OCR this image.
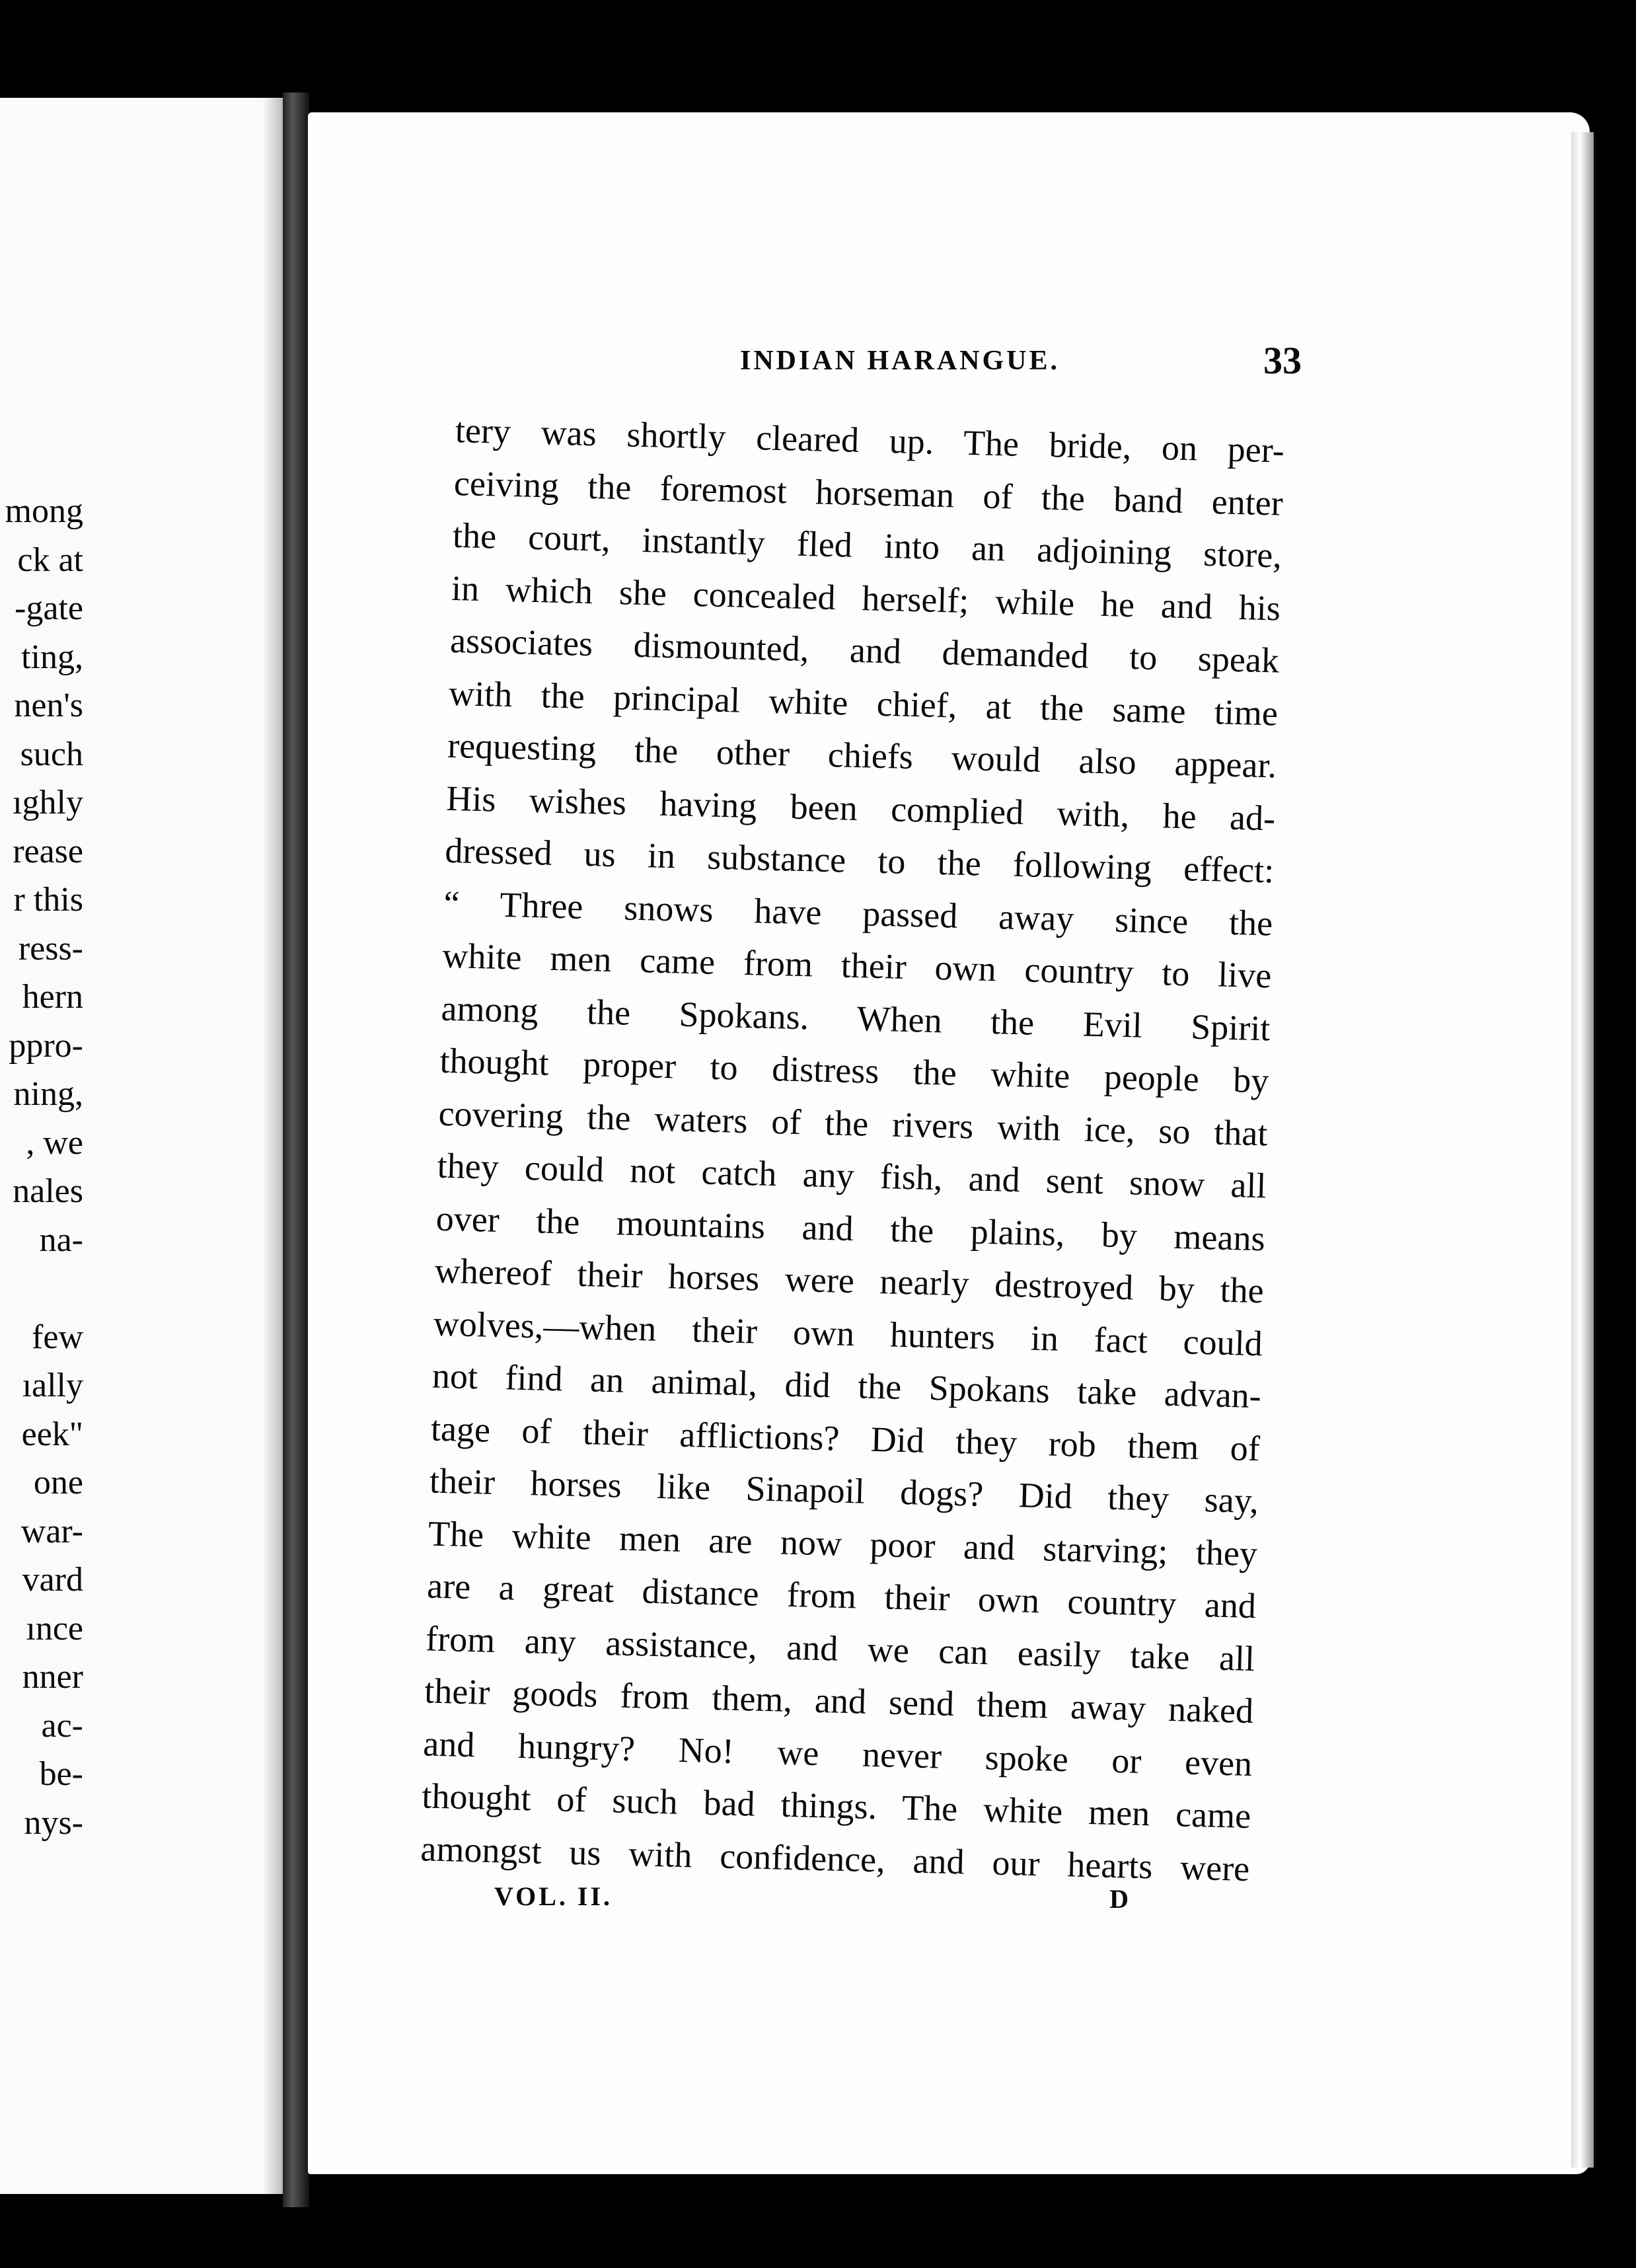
mong
ck at
-gate
ting,
nen's
such
ıghly
rease
r this
ress-
hern
ppro-
ning,
, we
nales
na-
few
ıally
eek"
one
war-
vard
ınce
nner
ac-
be-
nys-
INDIAN HARANGUE.	33
tery was shortly cleared up. The bride, on per-
ceiving the foremost horseman of the band enter
the court, instantly fled into an adjoining store,
in which she concealed herself; while he and his
associates dismounted, and demanded to speak
with the principal white chief, at the same time
requesting the other chiefs would also appear.
His wishes having been complied with, he ad-
dressed us in substance to the following effect:
“ Three snows have passed away since the
white men came from their own country to live
among the Spokans. When the Evil Spirit
thought proper to distress the white people by
covering the waters of the rivers with ice, so that
they could not catch any fish, and sent snow all
over the mountains and the plains, by means
whereof their horses were nearly destroyed by the
wolves,—when their own hunters in fact could
not find an animal, did the Spokans take advan-
tage of their afflictions? Did they rob them of
their horses like Sinapoil dogs? Did they say,
The white men are now poor and starving; they
are a great distance from their own country and
from any assistance, and we can easily take all
their goods from them, and send them away naked
and hungry? No! we never spoke or even
thought of such bad things. The white men came
amongst us with confidence, and our hearts were
VOL. II.	D
